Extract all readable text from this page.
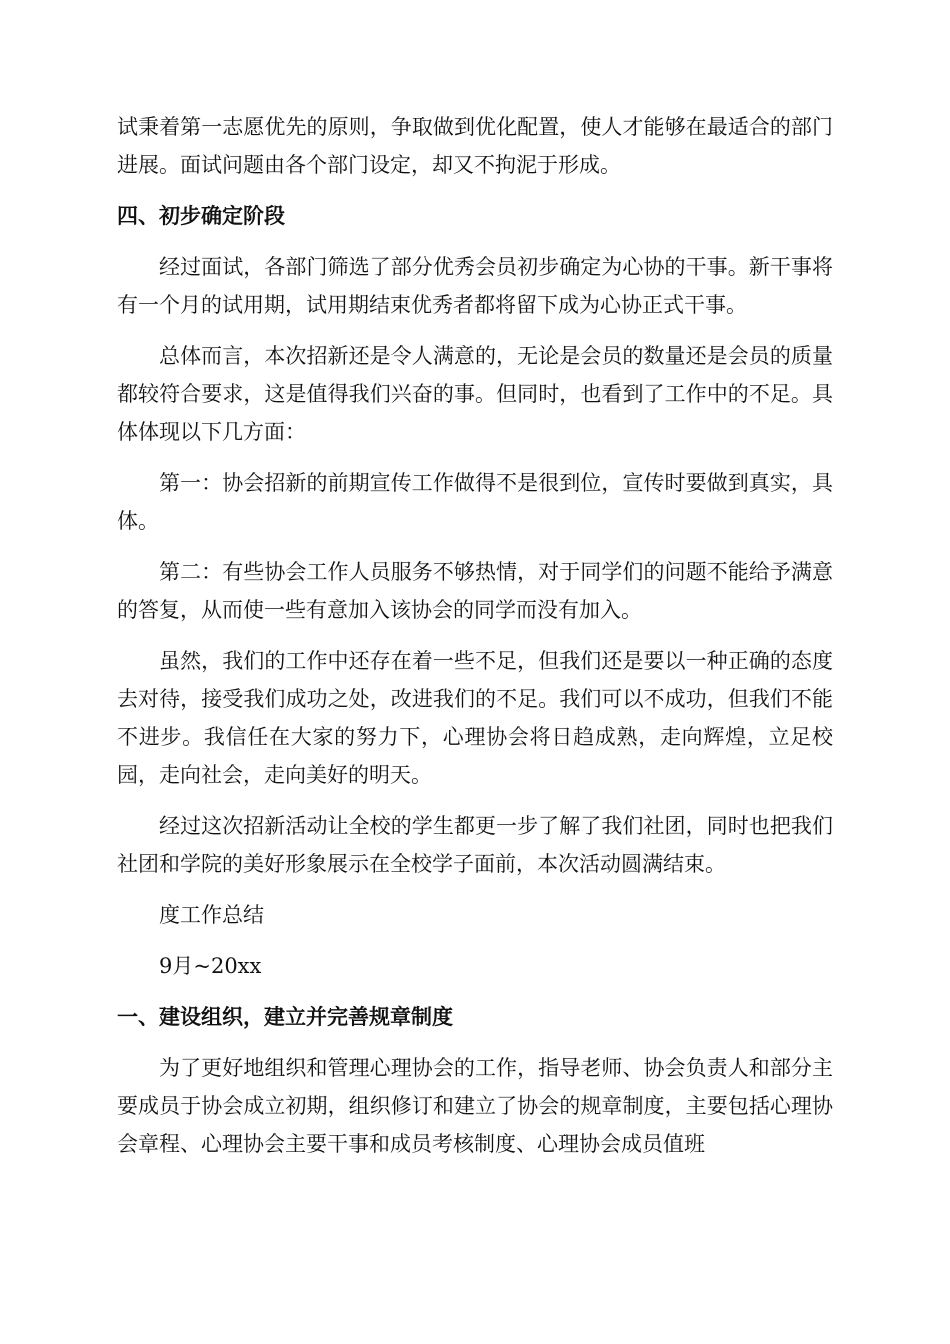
试秉着第一志愿优先的原则，争取做到优化配置，使人才能够在最适合的部门进展。面试问题由各个部门设定，却又不拘泥于形成。

四、初步确定阶段

经过面试，各部门筛选了部分优秀会员初步确定为心协的干事。新干事将有一个月的试用期，试用期结束优秀者都将留下成为心协正式干事。

总体而言，本次招新还是令人满意的，无论是会员的数量还是会员的质量都较符合要求，这是值得我们兴奋的事。但同时，也看到了工作中的不足。具体体现以下几方面：

第一：协会招新的前期宣传工作做得不是很到位，宣传时要做到真实，具体。

第二：有些协会工作人员服务不够热情，对于同学们的问题不能给予满意的答复，从而使一些有意加入该协会的同学而没有加入。

虽然，我们的工作中还存在着一些不足，但我们还是要以一种正确的态度去对待，接受我们成功之处，改进我们的不足。我们可以不成功，但我们不能不进步。我信任在大家的努力下，心理协会将日趋成熟，走向辉煌，立足校园，走向社会，走向美好的明天。

经过这次招新活动让全校的学生都更一步了解了我们社团，同时也把我们社团和学院的美好形象展示在全校学子面前，本次活动圆满结束。

度工作总结

9月~20xx

一、建设组织，建立并完善规章制度

为了更好地组织和管理心理协会的工作，指导老师、协会负责人和部分主要成员于协会成立初期，组织修订和建立了协会的规章制度，主要包括心理协会章程、心理协会主要干事和成员考核制度、心理协会成员值班
